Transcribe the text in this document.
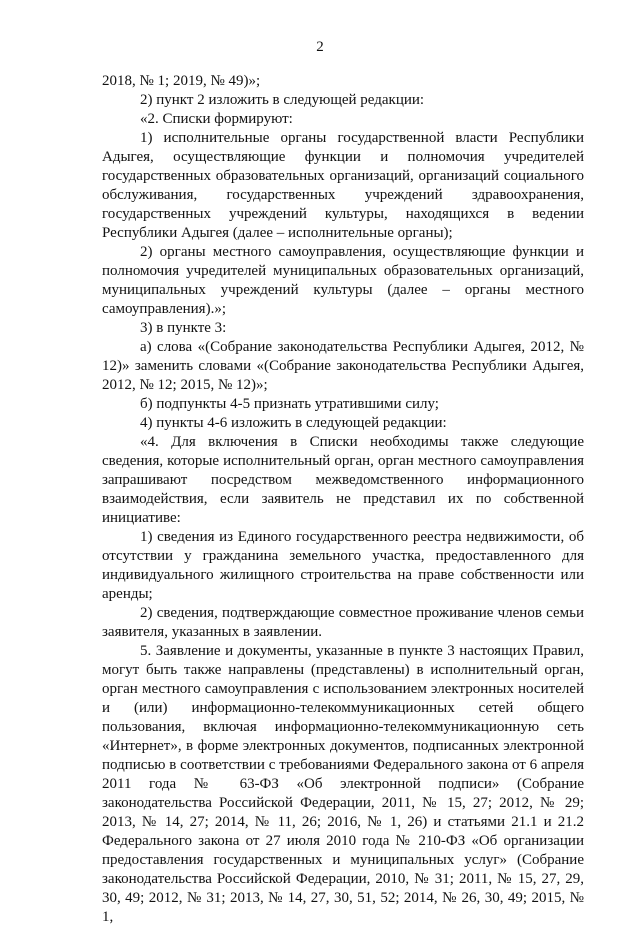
2

2018, № 1; 2019, № 49)»;

2) пункт 2 изложить в следующей редакции:

«2. Списки формируют:

1) исполнительные органы государственной власти Республики Адыгея, осуществляющие функции и полномочия учредителей государственных образовательных организаций, организаций социального обслуживания, государственных учреждений здравоохранения, государственных учреждений культуры, находящихся в ведении Республики Адыгея (далее – исполнительные органы);

2) органы местного самоуправления, осуществляющие функции и полномочия учредителей муниципальных образовательных организаций, муниципальных учреждений культуры (далее – органы местного самоуправления).»;

3) в пункте 3:

а) слова «(Собрание законодательства Республики Адыгея, 2012, № 12)» заменить словами «(Собрание законодательства Республики Адыгея, 2012, № 12; 2015, № 12)»;

б) подпункты 4-5 признать утратившими силу;

4) пункты 4-6 изложить в следующей редакции:

«4. Для включения в Списки необходимы также следующие сведения, которые исполнительный орган, орган местного самоуправления запрашивают посредством межведомственного информационного взаимодействия, если заявитель не представил их по собственной инициативе:

1) сведения из Единого государственного реестра недвижимости, об отсутствии у гражданина земельного участка, предоставленного для индивидуального жилищного строительства на праве собственности или аренды;

2) сведения, подтверждающие совместное проживание членов семьи заявителя, указанных в заявлении.

5. Заявление и документы, указанные в пункте 3 настоящих Правил, могут быть также направлены (представлены) в исполнительный орган, орган местного самоуправления с использованием электронных носителей и (или) информационно-телекоммуникационных сетей общего пользования, включая информационно-телекоммуникационную сеть «Интернет», в форме электронных документов, подписанных электронной подписью в соответствии с требованиями Федерального закона от 6 апреля 2011 года № 63-ФЗ «Об электронной подписи» (Собрание законодательства Российской Федерации, 2011, № 15, 27; 2012, № 29; 2013, № 14, 27; 2014, № 11, 26; 2016, № 1, 26) и статьями 21.1 и 21.2 Федерального закона от 27 июля 2010 года № 210-ФЗ «Об организации предоставления государственных и муниципальных услуг» (Собрание законодательства Российской Федерации, 2010, № 31; 2011, № 15, 27, 29, 30, 49; 2012, № 31; 2013, № 14, 27, 30, 51, 52; 2014, № 26, 30, 49; 2015, № 1,
